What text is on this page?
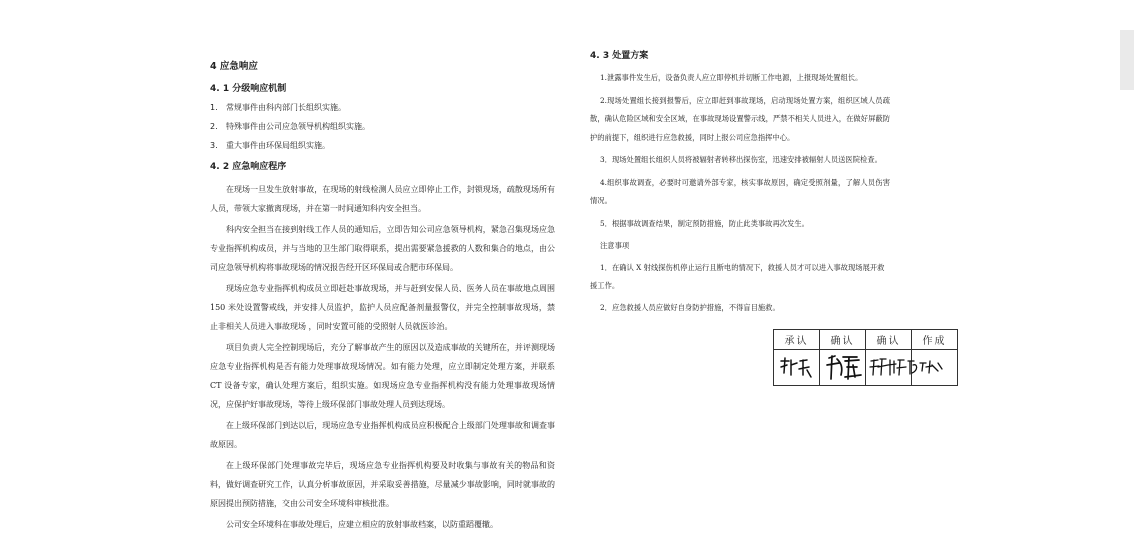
4 应急响应
4. 1 分级响应机制
1.	常规事件由科内部门长组织实施。
2.	特殊事件由公司应急领导机构组织实施。
3.	重大事件由环保局组织实施。
4. 2 应急响应程序

在现场一旦发生放射事故，在现场的射线检测人员应立即停止工作，封锁现场，疏散现场所有人员，带领大家撤离现场，并在第一时间通知科内安全担当。

科内安全担当在接到射线工作人员的通知后，立即告知公司应急领导机构，紧急召集现场应急专业指挥机构成员，并与当地的卫生部门取得联系，提出需要紧急援救的人数和集合的地点，由公司应急领导机构将事故现场的情况报告经开区环保局或合肥市环保局。

现场应急专业指挥机构成员立即赶赴事故现场，并与赶到安保人员、医务人员在事故地点周围 150 米处设置警戒线，并安排人员监护，监护人员应配备剂量报警仪，并完全控制事故现场，禁止非相关人员进入事故现场 ，同时安置可能的受照射人员就医诊治。

项目负责人完全控制现场后，充分了解事故产生的原因以及造成事故的关键所在，并评测现场应急专业指挥机构是否有能力处理事故现场情况。如有能力处理，应立即制定处理方案，并联系 CT 设备专家，确认处理方案后，组织实施。如现场应急专业指挥机构没有能力处理事故现场情况，应保护好事故现场，等待上级环保部门事故处理人员到达现场。

在上级环保部门到达以后，现场应急专业指挥机构成员应积极配合上级部门处理事故和调查事故原因。

在上级环保部门处理事故完毕后，现场应急专业指挥机构要及时收集与事故有关的物品和资料，做好调查研究工作，认真分析事故原因，并采取妥善措施，尽量减少事故影响，同时就事故的原因提出预防措施，交由公司安全环境科审核批准。

公司安全环境科在事故处理后，应建立相应的放射事故档案，以防重蹈覆辙。

4. 3 处置方案

1.泄露事件发生后，设备负责人应立即停机并切断工作电源，上报现场处置组长。

2.现场处置组长接到报警后，应立即赶到事故现场，启动现场处置方案，组织区域人员疏散，确认危险区域和安全区域，在事故现场设置警示线，严禁不相关人员进入，在做好屏蔽防护的前提下，组织进行应急救援，同时上报公司应急指挥中心。

3．现场处置组长组织人员将被辐射者转移出探伤室，迅速安排被辐射人员送医院检查。

4.组织事故调查，必要时可邀请外部专家，核实事故原因，确定受照剂量，了解人员伤害情况。

5．根据事故调查结果，制定预防措施，防止此类事故再次发生。

注意事项

1．在确认 X 射线探伤机停止运行且断电的情况下，救援人员才可以进入事故现场展开救援工作。

2．应急救援人员应做好自身防护措施，不得盲目施救。

承认	确认	确认	作成
